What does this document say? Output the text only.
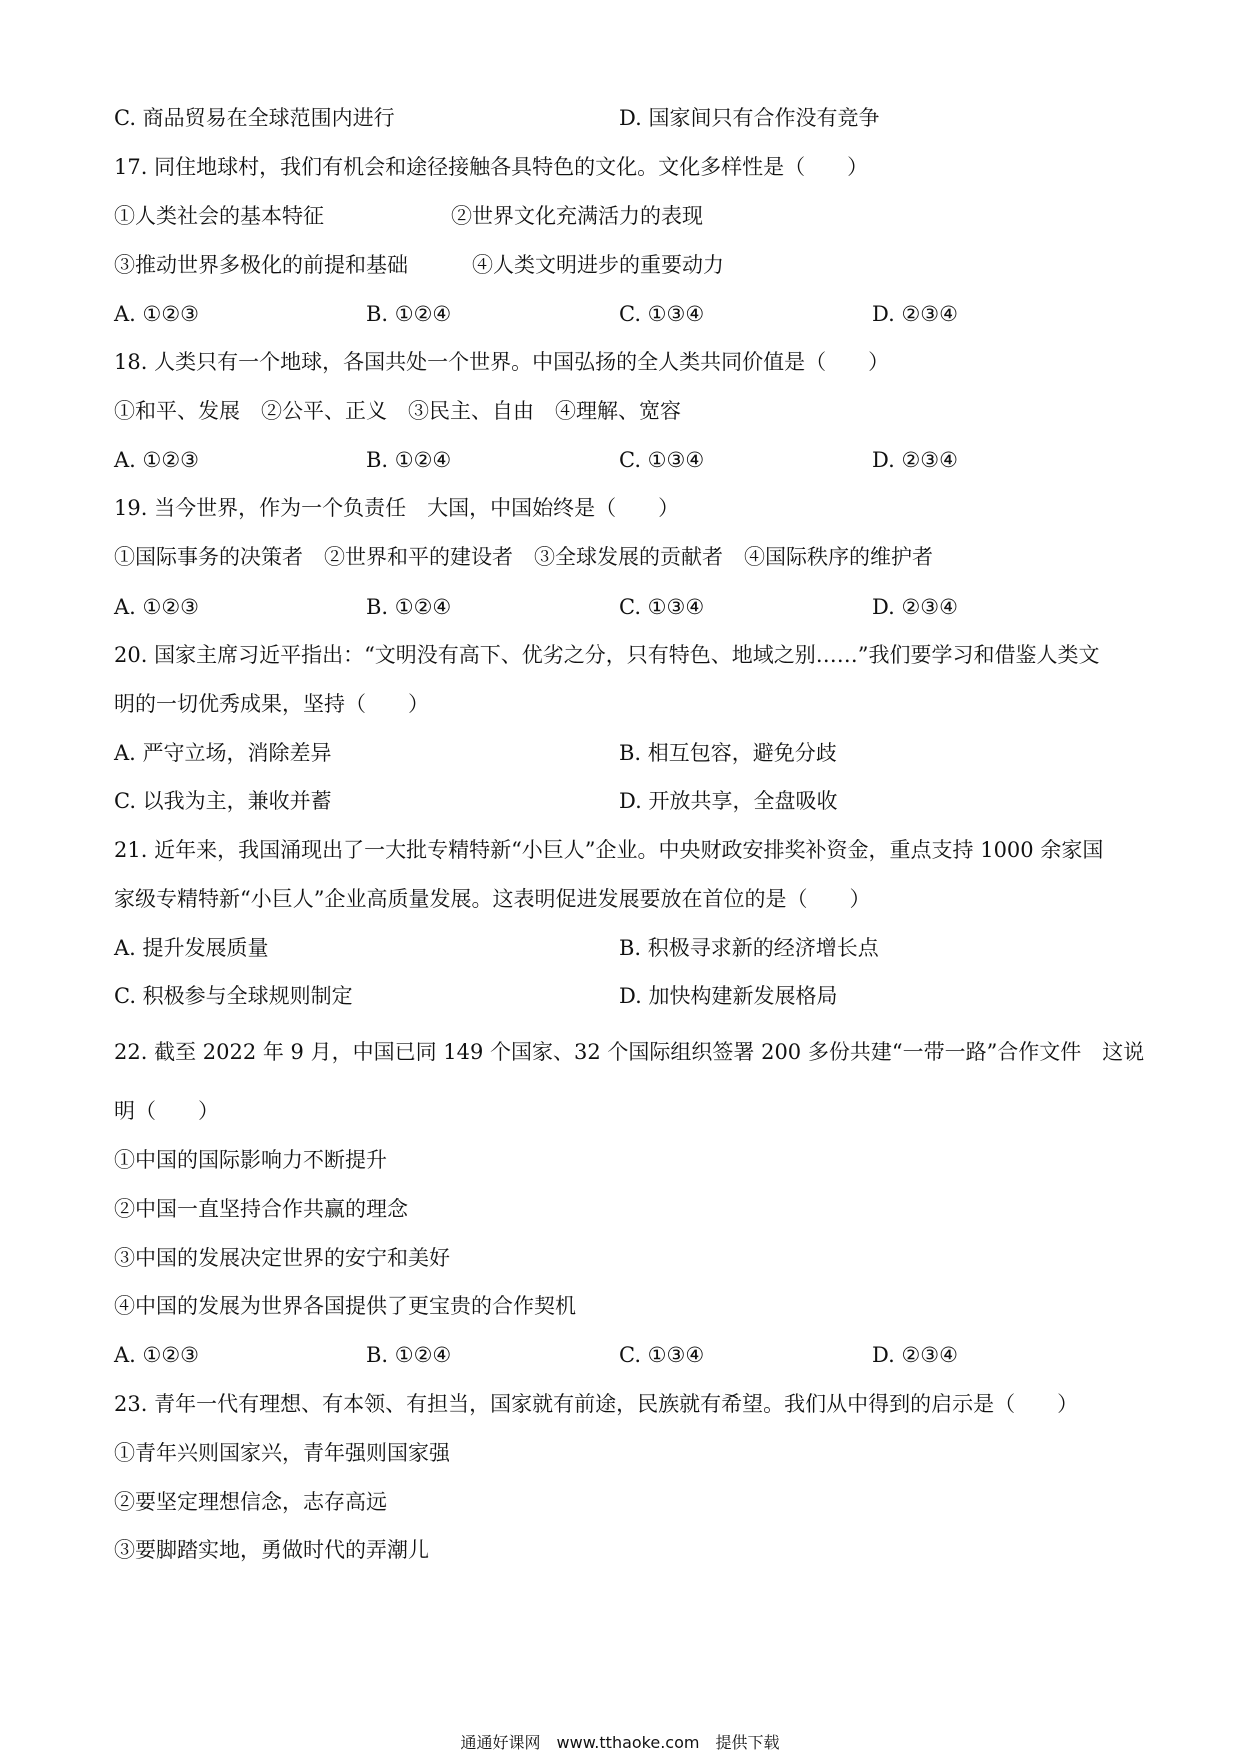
C. 商品贸易在全球范围内进行	D. 国家间只有合作没有竞争
17. 同住地球村，我们有机会和途径接触各具特色的文化。文化多样性是（　　）
①人类社会的基本特征	②世界文化充满活力的表现
③推动世界多极化的前提和基础	④人类文明进步的重要动力
A. ①②③	B. ①②④	C. ①③④	D. ②③④
18. 人类只有一个地球，各国共处一个世界。中国弘扬的全人类共同价值是（　　）
①和平、发展　②公平、正义　③民主、自由　④理解、宽容
A. ①②③	B. ①②④	C. ①③④	D. ②③④
19. 当今世界，作为一个负责任　大国，中国始终是（　　）
①国际事务的决策者　②世界和平的建设者　③全球发展的贡献者　④国际秩序的维护者
A. ①②③	B. ①②④	C. ①③④	D. ②③④
20. 国家主席习近平指出：“文明没有高下、优劣之分，只有特色、地域之别……”我们要学习和借鉴人类文
明的一切优秀成果，坚持（　　）
A. 严守立场，消除差异	B. 相互包容，避免分歧
C. 以我为主，兼收并蓄	D. 开放共享，全盘吸收
21. 近年来，我国涌现出了一大批专精特新“小巨人”企业。中央财政安排奖补资金，重点支持 1000 余家国
家级专精特新“小巨人”企业高质量发展。这表明促进发展要放在首位的是（　　）
A. 提升发展质量	B. 积极寻求新的经济增长点
C. 积极参与全球规则制定	D. 加快构建新发展格局
22. 截至 2022 年 9 月，中国已同 149 个国家、32 个国际组织签署 200 多份共建“一带一路”合作文件　这说
明（　　）
①中国的国际影响力不断提升
②中国一直坚持合作共赢的理念
③中国的发展决定世界的安宁和美好
④中国的发展为世界各国提供了更宝贵的合作契机
A. ①②③	B. ①②④	C. ①③④	D. ②③④
23. 青年一代有理想、有本领、有担当，国家就有前途，民族就有希望。我们从中得到的启示是（　　）
①青年兴则国家兴，青年强则国家强
②要坚定理想信念，志存高远
③要脚踏实地，勇做时代的弄潮儿
通通好课网　www.tthaoke.com　提供下载
